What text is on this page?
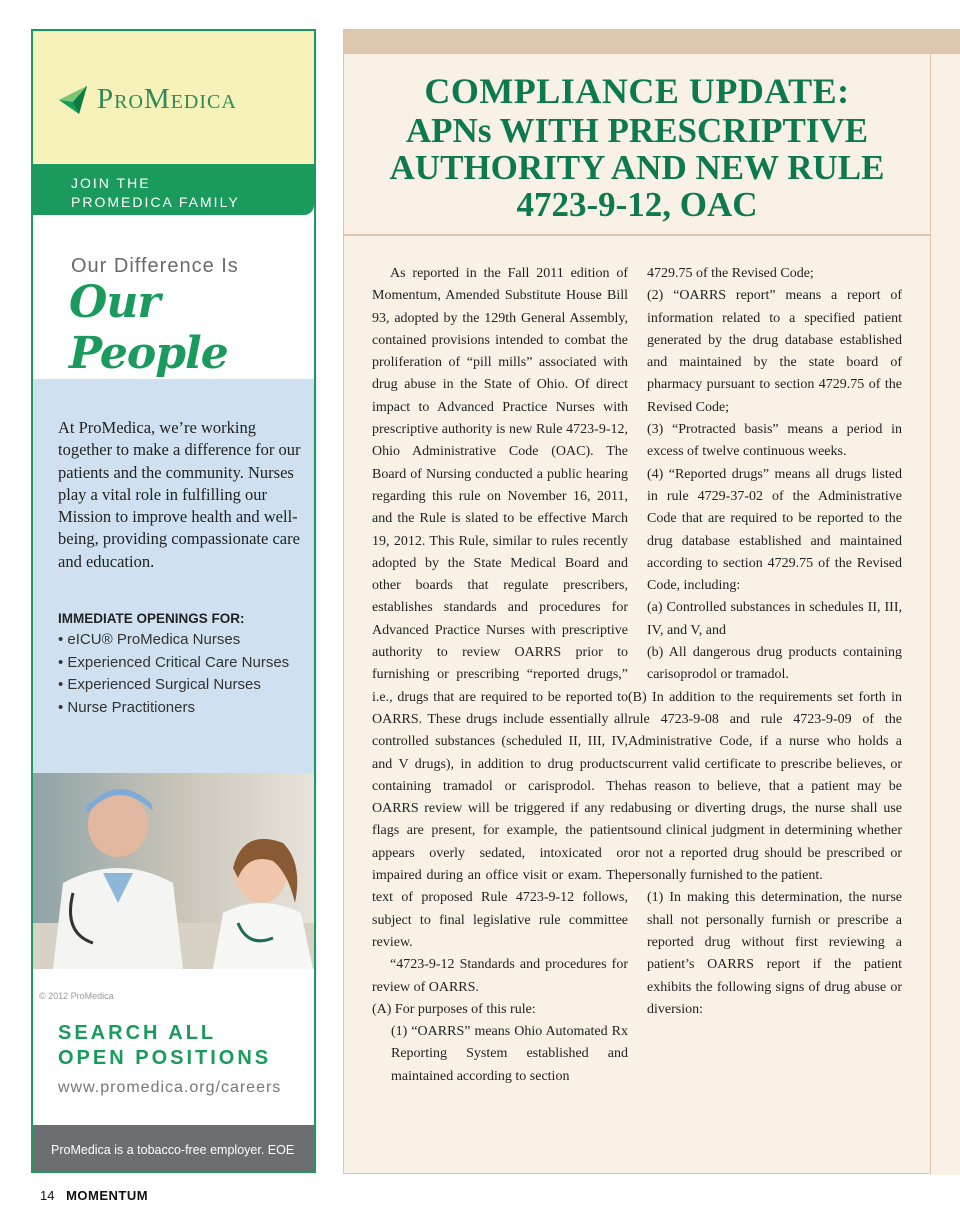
ProMedica
JOIN THE
PROMEDICA FAMILY
Our Difference Is
Our People
At ProMedica, we’re working together to make a difference for our patients and the community. Nurses play a vital role in fulfilling our Mission to improve health and well-being, providing compassionate care and education.
IMMEDIATE OPENINGS FOR:
• eICU® ProMedica Nurses
• Experienced Critical Care Nurses
• Experienced Surgical Nurses
• Nurse Practitioners
© 2012 ProMedica
SEARCH ALL
OPEN POSITIONS
www.promedica.org/careers
ProMedica is a tobacco-free employer. EOE
14 MOMENTUM
COMPLIANCE UPDATE:
APNs WITH PRESCRIPTIVE
AUTHORITY AND NEW RULE
4723-9-12, OAC

As reported in the Fall 2011 edition of Momentum, Amended Substitute House Bill 93, adopted by the 129th General Assembly, contained provisions intended to combat the proliferation of “pill mills” associated with drug abuse in the State of Ohio. Of direct impact to Advanced Practice Nurses with prescriptive authority is new Rule 4723-9-12, Ohio Administrative Code (OAC). The Board of Nursing conducted a public hearing regarding this rule on November 16, 2011, and the Rule is slated to be effective March 19, 2012. This Rule, similar to rules recently adopted by the State Medical Board and other boards that regulate prescribers, establishes standards and procedures for Advanced Practice Nurses with prescriptive authority to review OARRS prior to furnishing or prescribing “reported drugs,” i.e., drugs that are required to be reported to OARRS. These drugs include essentially all controlled substances (scheduled II, III, IV, and V drugs), in addition to drug products containing tramadol or carisprodol. The OARRS review will be triggered if any red flags are present, for example, the patient appears overly sedated, intoxicated or impaired during an office visit or exam. The text of proposed Rule 4723-9-12 follows, subject to final legislative rule committee review.

“4723-9-12 Standards and procedures for review of OARRS.

(A) For purposes of this rule:

(1) “OARRS” means Ohio Automated Rx Reporting System established and maintained according to section

4729.75 of the Revised Code;

(2) “OARRS report” means a report of information related to a specified patient generated by the drug database established and maintained by the state board of pharmacy pursuant to section 4729.75 of the Revised Code;

(3) “Protracted basis” means a period in excess of twelve continuous weeks.

(4) “Reported drugs” means all drugs listed in rule 4729-37-02 of the Administrative Code that are required to be reported to the drug database established and maintained according to section 4729.75 of the Revised Code, including:

(a) Controlled substances in schedules II, III, IV, and V, and

(b) All dangerous drug products containing carisoprodol or tramadol.

(B) In addition to the requirements set forth in rule 4723-9-08 and rule 4723-9-09 of the Administrative Code, if a nurse who holds a current valid certificate to prescribe believes, or has reason to believe, that a patient may be abusing or diverting drugs, the nurse shall use sound clinical judgment in determining whether or not a reported drug should be prescribed or personally furnished to the patient.

(1) In making this determination, the nurse shall not personally furnish or prescribe a reported drug without first reviewing a patient’s OARRS report if the patient exhibits the following signs of drug abuse or diversion:
